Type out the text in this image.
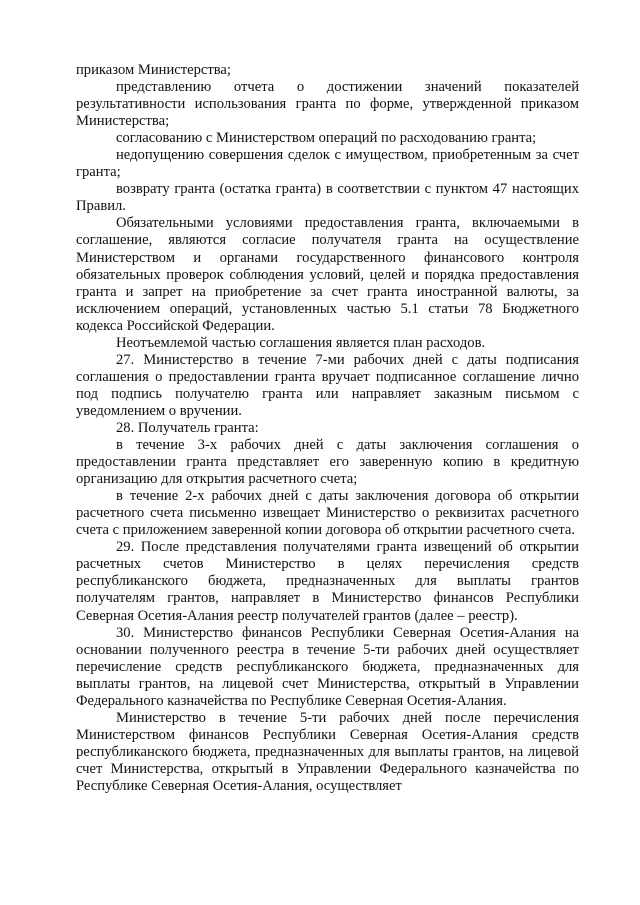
приказом Министерства;

представлению отчета о достижении значений показателей результативности использования гранта по форме, утвержденной приказом Министерства;

согласованию с Министерством операций по расходованию гранта;

недопущению совершения сделок с имуществом, приобретенным за счет гранта;

возврату гранта (остатка гранта) в соответствии с пунктом 47 настоящих Правил.

Обязательными условиями предоставления гранта, включаемыми в соглашение, являются согласие получателя гранта на осуществление Министерством и органами государственного финансового контроля обязательных проверок соблюдения условий, целей и порядка предоставления гранта и запрет на приобретение за счет гранта иностранной валюты, за исключением операций, установленных частью 5.1 статьи 78 Бюджетного кодекса Российской Федерации.

Неотъемлемой частью соглашения является план расходов.

27. Министерство в течение 7-ми рабочих дней с даты подписания соглашения о предоставлении гранта вручает подписанное соглашение лично под подпись получателю гранта или направляет заказным письмом с уведомлением о вручении.

28. Получатель гранта:

в течение 3-х рабочих дней с даты заключения соглашения о предоставлении гранта представляет его заверенную копию в кредитную организацию для открытия расчетного счета;

в течение 2-х рабочих дней с даты заключения договора об открытии расчетного счета письменно извещает Министерство о реквизитах расчетного счета с приложением заверенной копии договора об открытии расчетного счета.

29. После представления получателями гранта извещений об открытии расчетных счетов Министерство в целях перечисления средств республиканского бюджета, предназначенных для выплаты грантов получателям грантов, направляет в Министерство финансов Республики Северная Осетия-Алания реестр получателей грантов (далее – реестр).

30. Министерство финансов Республики Северная Осетия-Алания на основании полученного реестра в течение 5-ти рабочих дней осуществляет перечисление средств республиканского бюджета, предназначенных для выплаты грантов, на лицевой счет Министерства, открытый в Управлении Федерального казначейства по Республике Северная Осетия-Алания.

Министерство в течение 5-ти рабочих дней после перечисления Министерством финансов Республики Северная Осетия-Алания средств республиканского бюджета, предназначенных для выплаты грантов, на лицевой счет Министерства, открытый в Управлении Федерального казначейства по Республике Северная Осетия-Алания, осуществляет
